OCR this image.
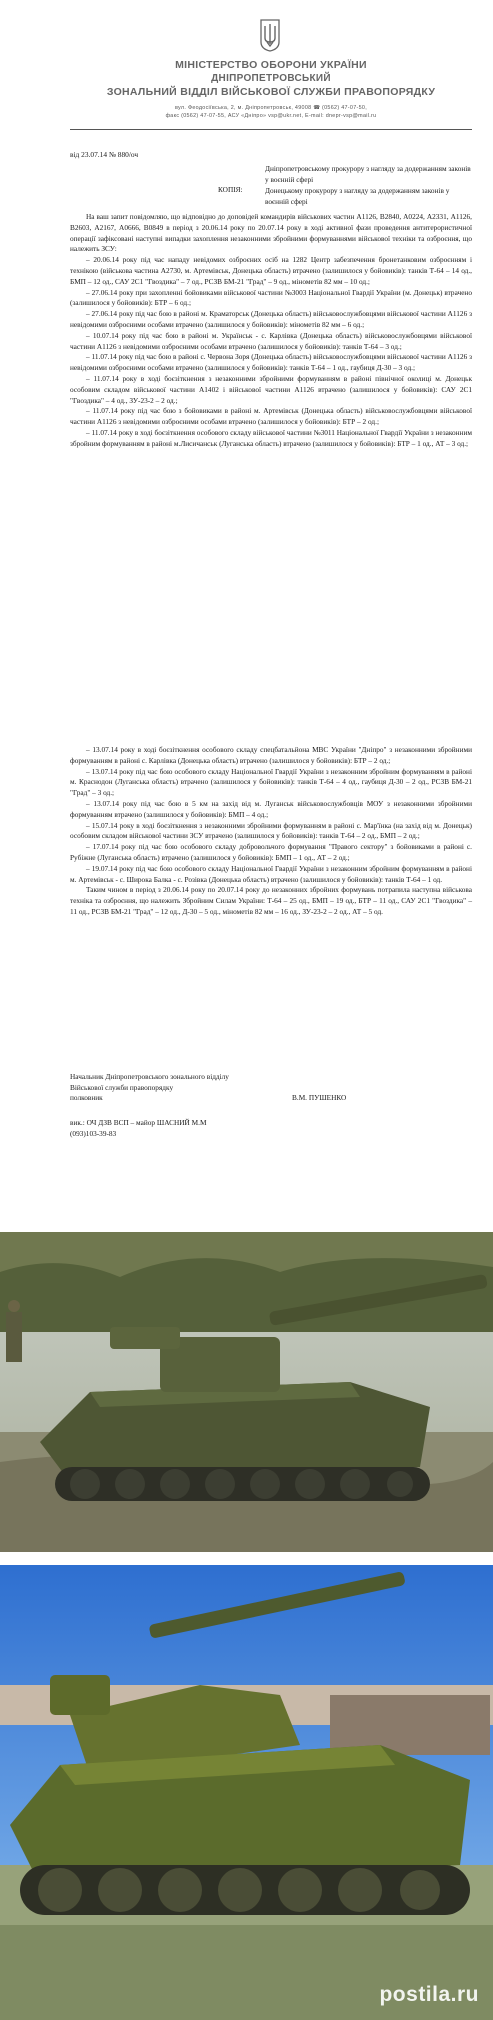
МІНІСТЕРСТВО ОБОРОНИ УКРАЇНИ
ДНІПРОПЕТРОВСЬКИЙ
ЗОНАЛЬНИЙ ВІДДІЛ ВІЙСЬКОВОЇ СЛУЖБИ ПРАВОПОРЯДКУ
вул. Феодосіївська, 2, м. Дніпропетровськ, 49008 ☎ (0562) 47-07-50,
факс (0562) 47-07-55, АСУ «Дніпро» vsp@ukr.net, E-mail: dnepr-vsp@mail.ru
від 23.07.14 № 880/оч
Дніпропетровському прокурору з нагляду за додержанням законів у воєнній сфері
КОПІЯ:	Донецькому прокурору з нагляду за додержанням законів у воєнній сфері

На ваш запит повідомляю, що відповідно до доповідей командирів військових частин А1126, В2840, А0224, А2331, А1126, В2603, А2167, А0666, В0849 в період з 20.06.14 року по 20.07.14 року в ході активної фази проведення антитерористичної операції зафіксовані наступні випадки захоплення незаконними збройними формуваннями військової техніки та озброєння, що належить ЗСУ:

– 20.06.14 року під час нападу невідомих озброєних осіб на 1282 Центр забезпечення бронетанковим озброєнням і технікою (військова частина А2730, м. Артемівськ, Донецька область) втрачено (залишилося у бойовиків): танків Т-64 – 14 од., БМП – 12 од., САУ 2С1 "Гвоздика" – 7 од., РСЗВ БМ-21 "Град" – 9 од., мінометів 82 мм – 10 од.;

– 27.06.14 року при захопленні бойовиками військової частини №3003 Національної Гвардії України (м. Донецьк) втрачено (залишилося у бойовиків): БТР – 6 од.;

– 27.06.14 року під час бою в районі м. Краматорськ (Донецька область) військовослужбовцями військової частини А1126 з невідомими озброєними особами втрачено (залишилося у бойовиків): мінометів 82 мм – 6 од.;

– 10.07.14 року під час бою в районі м. Українськ - с. Карлівка (Донецька область) військовослужбовцями військової частини А1126 з невідомими озброєними особами втрачено (залишилося у бойовиків): танків Т-64 – 3 од.;

– 11.07.14 року під час бою в районі с. Червона Зоря (Донецька область) військовослужбовцями військової частини А1126 з невідомими озброєними особами втрачено (залишилося у бойовиків): танків Т-64 – 1 од., гаубиця Д-30 – 3 од.;

– 11.07.14 року в ході боєзіткнення з незаконними збройними формуванням в районі північної околиці м. Донецьк особовим складом військової частини А1402 і військової частини А1126 втрачено (залишилося у бойовиків): САУ 2С1 "Гвоздика" – 4 од., ЗУ-23-2 – 2 од.;

– 11.07.14 року під час бою з бойовиками в районі м. Артемівськ (Донецька область) військовослужбовцями військової частини А1126 з невідомими озброєними особами втрачено (залишилося у бойовиків): БТР – 2 од.;

– 11.07.14 року в ході боєзіткнення особового складу військової частини №3011 Національної Гвардії України з незаконним збройним формуванням в районі м.Лисичанськ (Луганська область) втрачено (залишилося у бойовиків): БТР – 1 од., АТ – 3 од.;

– 13.07.14 року в ході боєзіткнення особового складу спецбатальйона МВС України "Дніпро" з незаконними збройними формуванням в районі с. Карлівка (Донецька область) втрачено (залишилося у бойовиків): БТР – 2 од.;

– 13.07.14 року під час бою особового складу Національної Гвардії України з незаконним збройним формуванням в районі м. Краснодон (Луганська область) втрачено (залишилося у бойовиків): танків Т-64 – 4 од., гаубиця Д-30 – 2 од., РСЗВ БМ-21 "Град" – 3 од.;

– 13.07.14 року під час бою в 5 км на захід від м. Луганськ військовослужбовців МОУ з незаконними збройними формуванням втрачено (залишилося у бойовиків): БМП – 4 од.;

– 15.07.14 року в ході боєзіткнення з незаконними збройними формуванням в районі с. Мар'їнка (на захід від м. Донецьк) особовим складом військової частини ЗСУ втрачено (залишилося у бойовиків): танків Т-64 – 2 од., БМП – 2 од.;

– 17.07.14 року під час бою особового складу добровольчого формування "Правого сектору" з бойовиками в районі с. Рубіжне (Луганська область) втрачено (залишилося у бойовиків): БМП – 1 од., АТ – 2 од.;

– 19.07.14 року під час бою особового складу Національної Гвардії України з незаконним збройним формуванням в районі м. Артемівськ - с. Широка Балка - с. Розівка (Донецька область) втрачено (залишилося у бойовиків): танків Т-64 – 1 од.

Таким чином в період з 20.06.14 року по 20.07.14 року до незаконних збройних формувань потрапила наступна військова техніка та озброєння, що належить Збройним Силам України: Т-64 – 25 од., БМП – 19 од., БТР – 11 од., САУ 2С1 "Гвоздика" – 11 од., РСЗВ БМ-21 "Град" – 12 од., Д-30 – 5 од., мінометів 82 мм – 16 од., ЗУ-23-2 – 2 од., АТ – 5 од.

Начальник Дніпропетровського зонального відділу
Військової служби правопорядку
полковник	В.М. ПУШЕНКО
вик.: ОЧ ДЗВ ВСП – майор ШАСНИЙ М.М
(093)103-39-83
postila.ru
